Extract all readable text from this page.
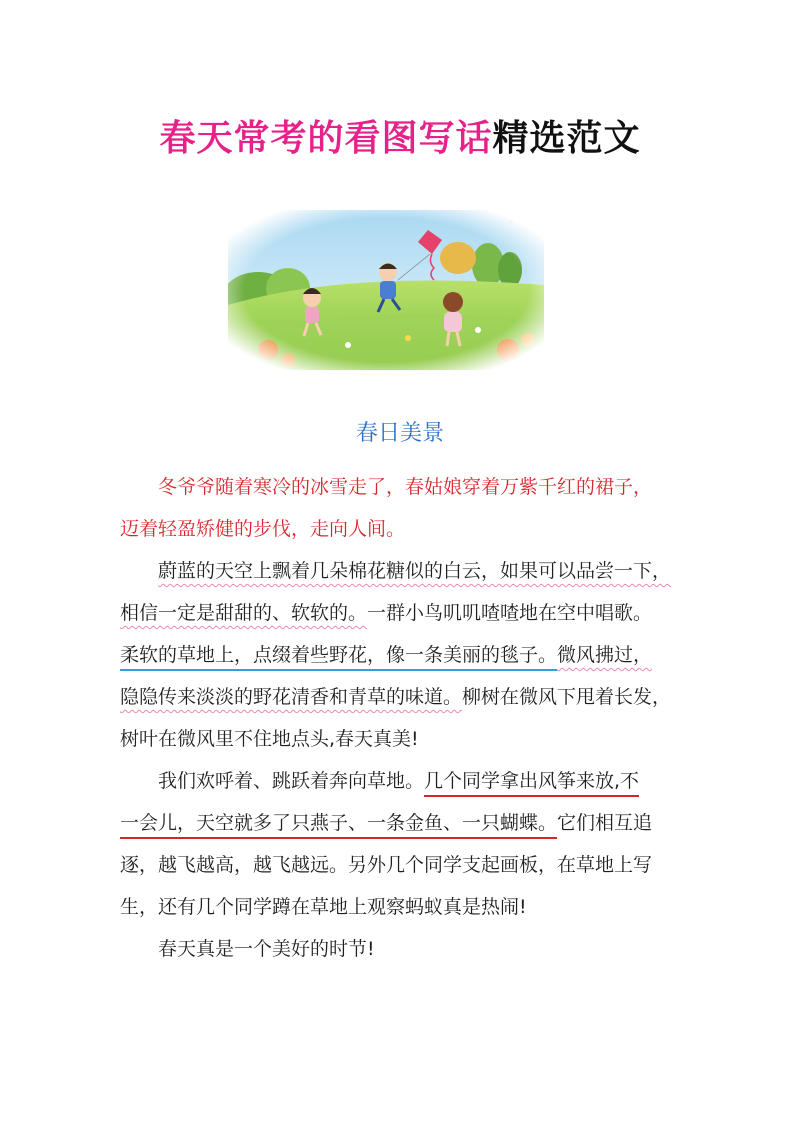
春天常考的看图写话精选范文
春日美景
冬爷爷随着寒冷的冰雪走了，春姑娘穿着万紫千红的裙子，
迈着轻盈矫健的步伐，走向人间。
蔚蓝的天空上飘着几朵棉花糖似的白云，如果可以品尝一下，
相信一定是甜甜的、软软的。一群小鸟叽叽喳喳地在空中唱歌。
柔软的草地上，点缀着些野花，像一条美丽的毯子。微风拂过，
隐隐传来淡淡的野花清香和青草的味道。柳树在微风下甩着长发，
树叶在微风里不住地点头,春天真美!
我们欢呼着、跳跃着奔向草地。几个同学拿出风筝来放,不
一会儿，天空就多了只燕子、一条金鱼、一只蝴蝶。它们相互追
逐，越飞越高，越飞越远。另外几个同学支起画板，在草地上写
生，还有几个同学蹲在草地上观察蚂蚁真是热闹!
春天真是一个美好的时节!
